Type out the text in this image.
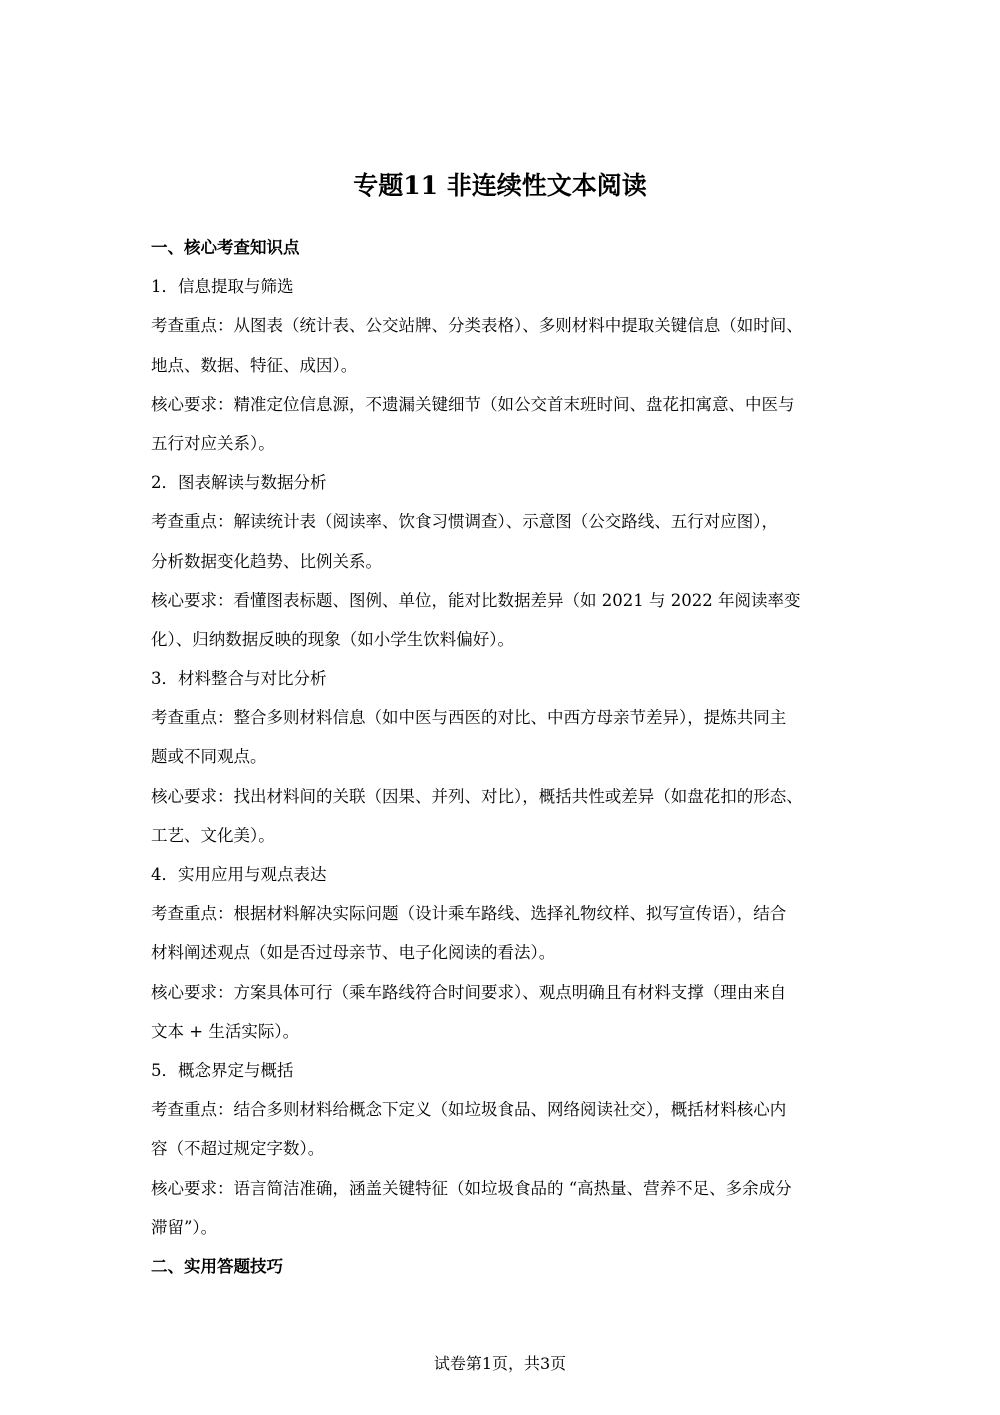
专题11 非连续性文本阅读

一、核心考查知识点

1．信息提取与筛选

考查重点：从图表（统计表、公交站牌、分类表格）、多则材料中提取关键信息（如时间、

地点、数据、特征、成因）。

核心要求：精准定位信息源，不遗漏关键细节（如公交首末班时间、盘花扣寓意、中医与

五行对应关系）。

2．图表解读与数据分析

考查重点：解读统计表（阅读率、饮食习惯调查）、示意图（公交路线、五行对应图），

分析数据变化趋势、比例关系。

核心要求：看懂图表标题、图例、单位，能对比数据差异（如 2021 与 2022 年阅读率变

化）、归纳数据反映的现象（如小学生饮料偏好）。

3．材料整合与对比分析

考查重点：整合多则材料信息（如中医与西医的对比、中西方母亲节差异），提炼共同主

题或不同观点。

核心要求：找出材料间的关联（因果、并列、对比），概括共性或差异（如盘花扣的形态、

工艺、文化美）。

4．实用应用与观点表达

考查重点：根据材料解决实际问题（设计乘车路线、选择礼物纹样、拟写宣传语），结合

材料阐述观点（如是否过母亲节、电子化阅读的看法）。

核心要求：方案具体可行（乘车路线符合时间要求）、观点明确且有材料支撑（理由来自

文本 + 生活实际）。

5．概念界定与概括

考查重点：结合多则材料给概念下定义（如垃圾食品、网络阅读社交），概括材料核心内

容（不超过规定字数）。

核心要求：语言简洁准确，涵盖关键特征（如垃圾食品的 “高热量、营养不足、多余成分

滞留”）。

二、实用答题技巧

试卷第1页，共3页
